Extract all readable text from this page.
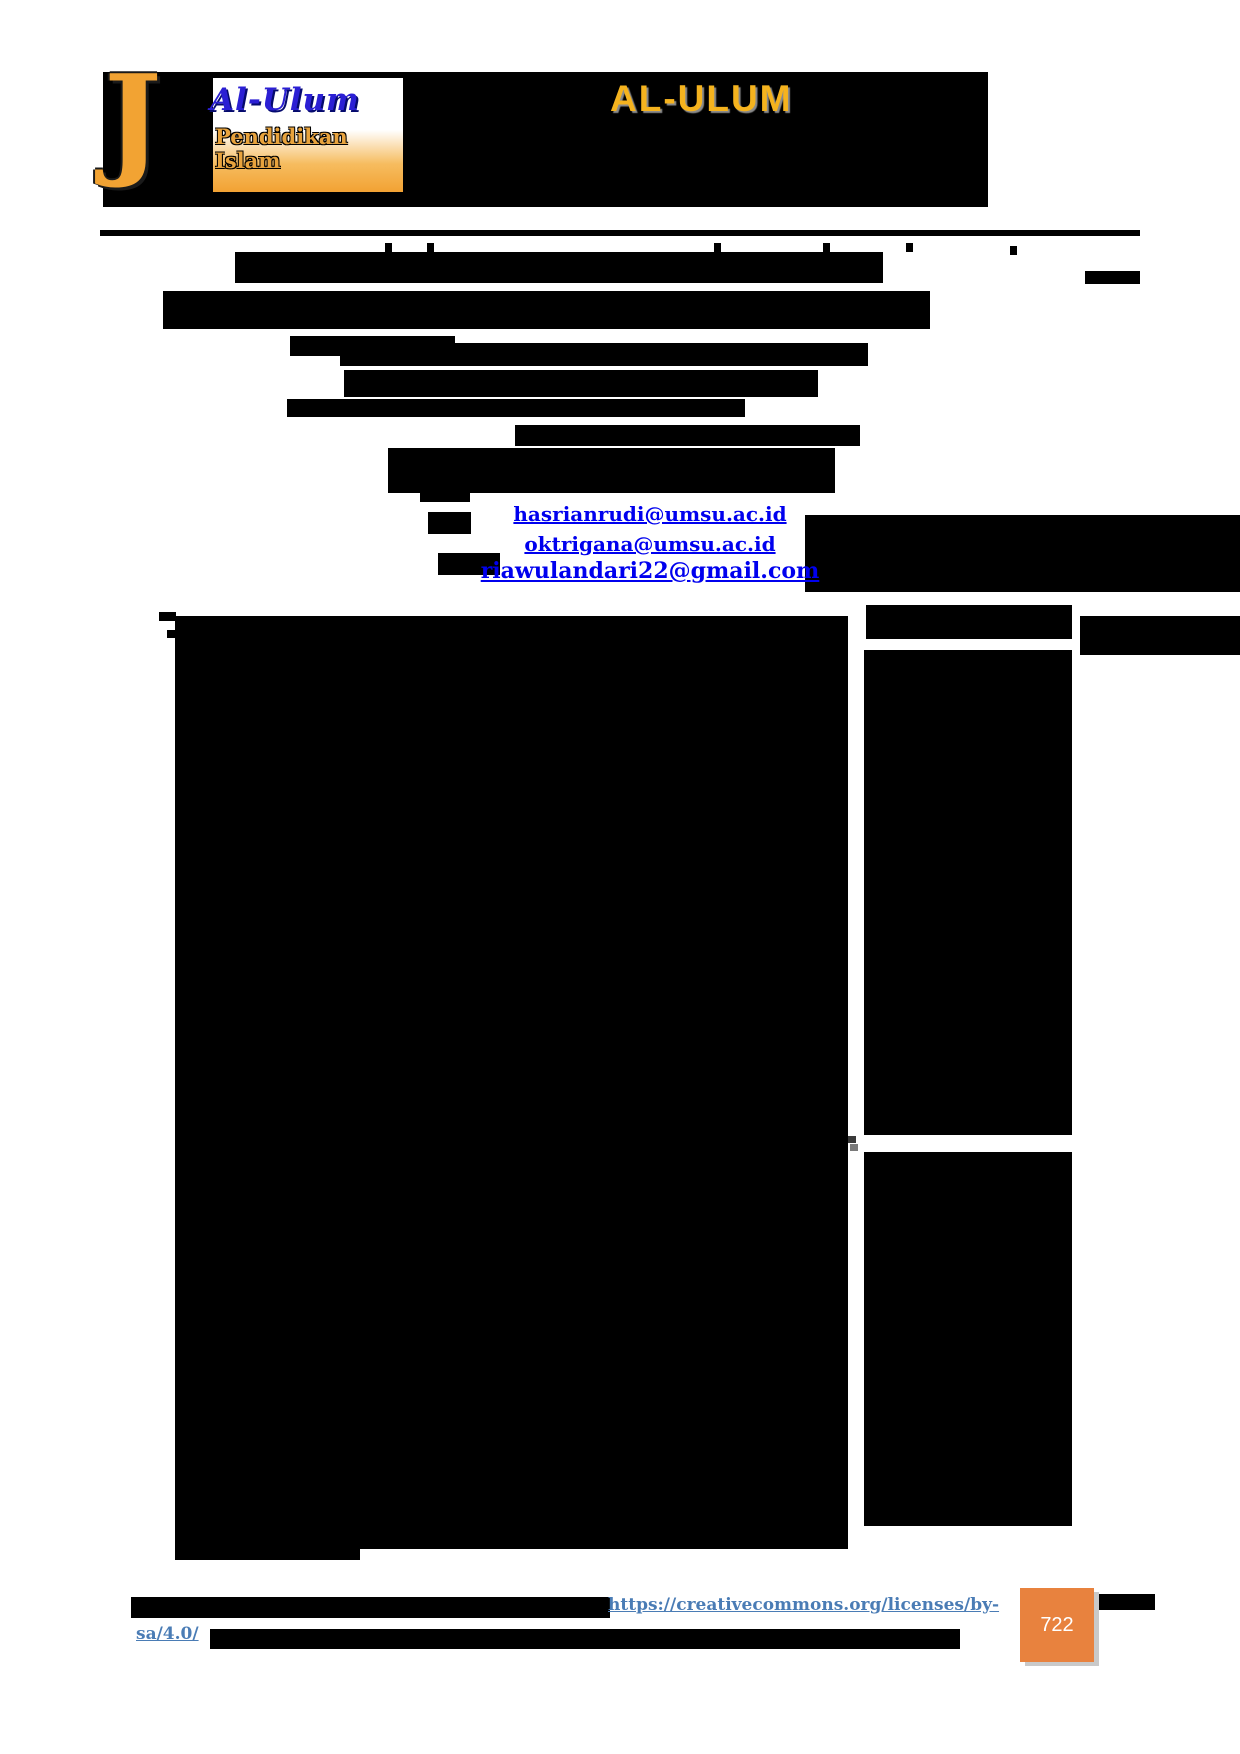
J Al-Ulum
Pendidikan
Islam
AL-ULUM
hasrianrudi@umsu.ac.id
oktrigana@umsu.ac.id
riawulandari22@gmail.com
https://creativecommons.org/licenses/by-
sa/4.0/	722
